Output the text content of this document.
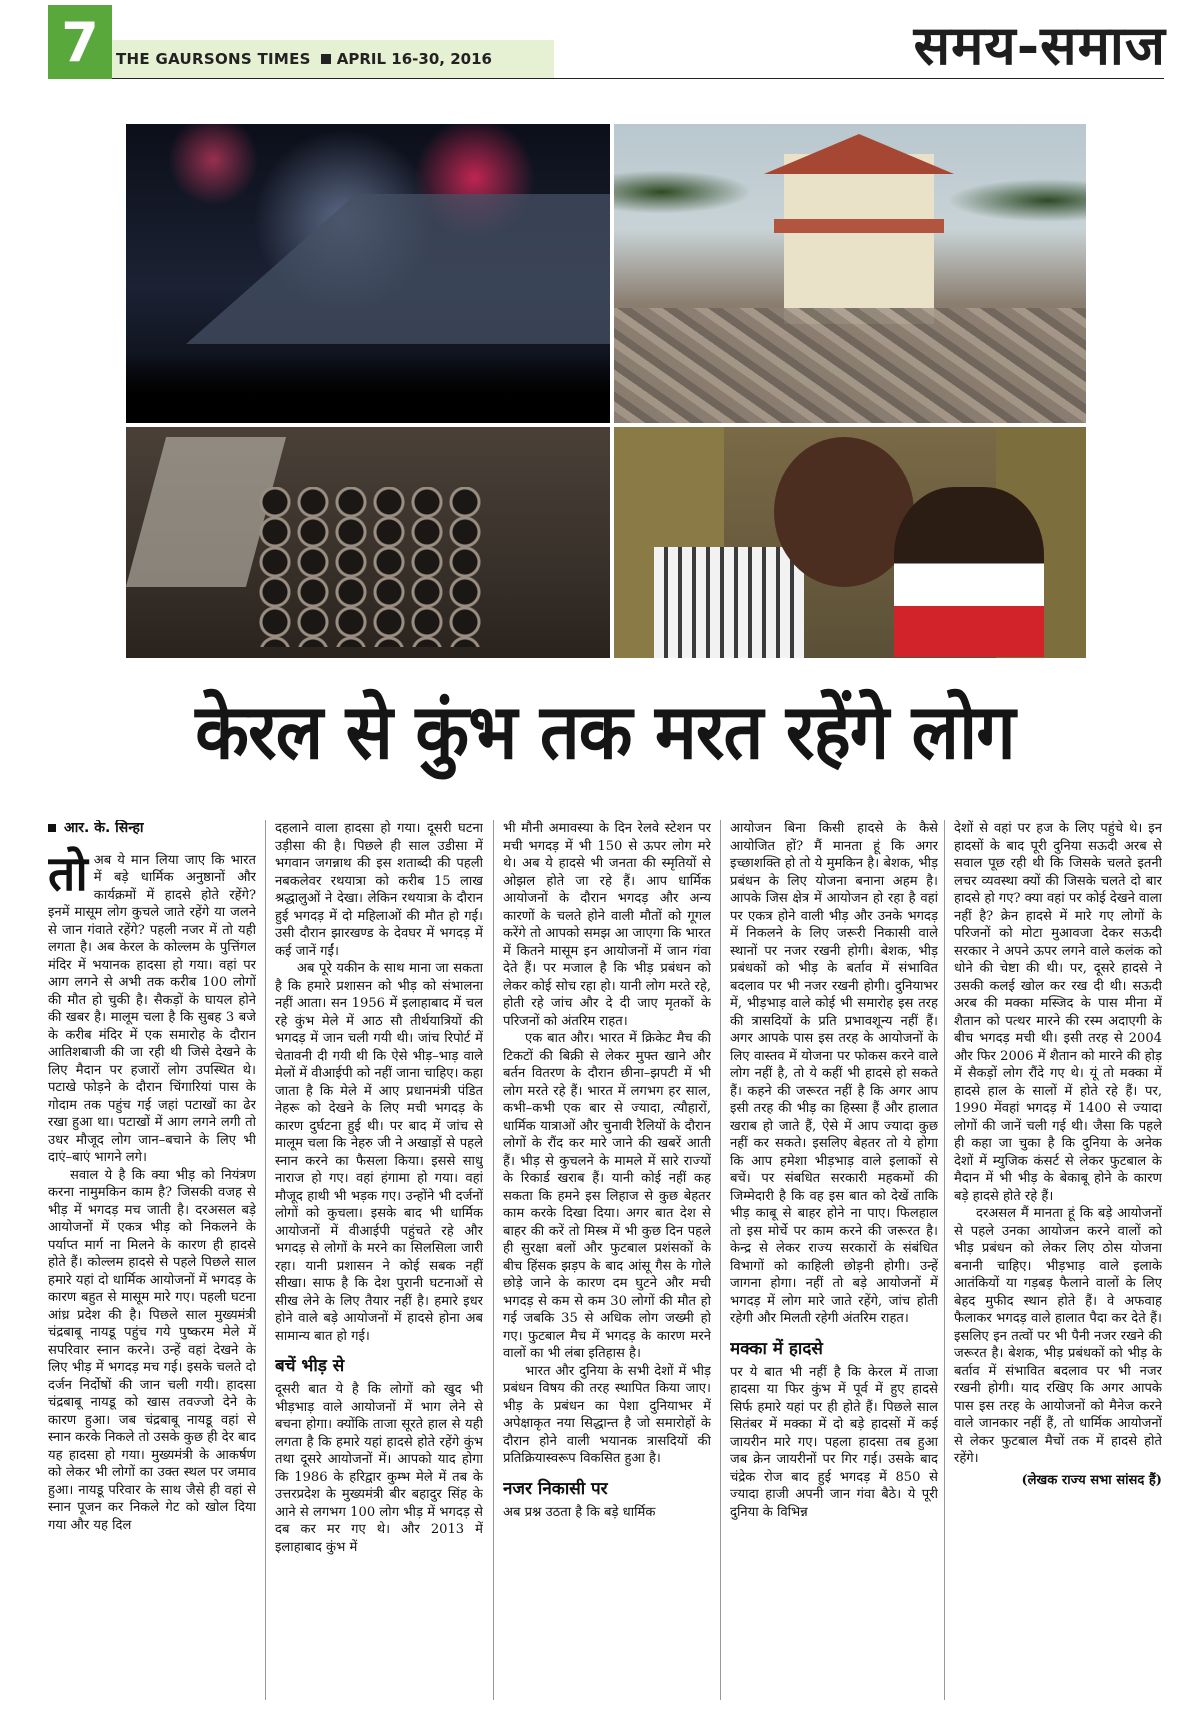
7	THE GAURSONS TIMES APRIL 16-30, 2016	समय-समाज
केरल से कुंभ तक मरत रहेंगे लोग
आर. के. सिन्हा

तोअब ये मान लिया जाए कि भारत में बड़े धार्मिक अनुष्ठानों और कार्यक्रमों में हादसे होते रहेंगे? इनमें मासूम लोग कुचले जाते रहेंगे या जलने से जान गंवाते रहेंगे? पहली नजर में तो यही लगता है। अब केरल के कोल्लम के पुत्तिंगल मंदिर में भयानक हादसा हो गया। वहां पर आग लगने से अभी तक करीब 100 लोगों की मौत हो चुकी है। सैकड़ों के घायल होने की खबर है। मालूम चला है कि सुबह 3 बजे के करीब मंदिर में एक समारोह के दौरान आतिशबाजी की जा रही थी जिसे देखने के लिए मैदान पर हजारों लोग उपस्थित थे। पटाखे फोड़ने के दौरान चिंगारियां पास के गोदाम तक पहुंच गई जहां पटाखों का ढेर रखा हुआ था। पटाखों में आग लगने लगी तो उधर मौजूद लोग जान–बचाने के लिए भी दाएं–बाएं भागने लगे।

सवाल ये है कि क्या भीड़ को नियंत्रण करना नामुमकिन काम है? जिसकी वजह से भीड़ में भगदड़ मच जाती है। दरअसल बड़े आयोजनों में एकत्र भीड़ को निकलने के पर्याप्त मार्ग ना मिलने के कारण ही हादसे होते हैं। कोल्लम हादसे से पहले पिछले साल हमारे यहां दो धार्मिक आयोजनों में भगदड़ के कारण बहुत से मासूम मारे गए। पहली घटना आंध्र प्रदेश की है। पिछले साल मुख्यमंत्री चंद्रबाबू नायडू पहुंच गये पुष्करम मेले में सपरिवार स्नान करने। उन्हें वहां देखने के लिए भीड़ में भगदड़ मच गई। इसके चलते दो दर्जन निर्दोषों की जान चली गयी। हादसा चंद्रबाबू नायडू को खास तवज्जो देने के कारण हुआ। जब चंद्रबाबू नायडू वहां से स्नान करके निकले तो उसके कुछ ही देर बाद यह हादसा हो गया। मुख्यमंत्री के आकर्षण को लेकर भी लोगों का उक्त स्थल पर जमाव हुआ। नायडू परिवार के साथ जैसे ही वहां से स्नान पूजन कर निकले गेट को खोल दिया गया और यह दिल

दहलाने वाला हादसा हो गया। दूसरी घटना उड़ीसा की है। पिछले ही साल उडीसा में भगवान जगन्नाथ की इस शताब्दी की पहली नबकलेवर रथयात्रा को करीब 15 लाख श्रद्धालुओं ने देखा। लेकिन रथयात्रा के दौरान हुई भगदड़ में दो महिलाओं की मौत हो गई। उसी दौरान झारखण्ड के देवघर में भगदड़ में कई जानें गईं।

अब पूरे यकीन के साथ माना जा सकता है कि हमारे प्रशासन को भीड़ को संभालना नहीं आता। सन 1956 में इलाहाबाद में चल रहे कुंभ मेले में आठ सौ तीर्थयात्रियों की भगदड़ में जान चली गयी थी। जांच रिपोर्ट में चेतावनी दी गयी थी कि ऐसे भीड़–भाड़ वाले मेलों में वीआईपी को नहीं जाना चाहिए। कहा जाता है कि मेले में आए प्रधानमंत्री पंडित नेहरू को देखने के लिए मची भगदड़ के कारण दुर्घटना हुई थी। पर बाद में जांच से मालूम चला कि नेहरु जी ने अखाड़ों से पहले स्नान करने का फैसला किया। इससे साधु नाराज हो गए। वहां हंगामा हो गया। वहां मौजूद हाथी भी भड़क गए। उन्होंने भी दर्जनों लोगों को कुचला। इसके बाद भी धार्मिक आयोजनों में वीआईपी पहुंचते रहे और भगदड़ से लोगों के मरने का सिलसिला जारी रहा। यानी प्रशासन ने कोई सबक नहीं सीखा। साफ है कि देश पुरानी घटनाओं से सीख लेने के लिए तैयार नहीं है। हमारे इधर होने वाले बड़े आयोजनों में हादसे होना अब सामान्य बात हो गई।

बचें भीड़ से

दूसरी बात ये है कि लोगों को खुद भी भीड़भाड़ वाले आयोजनों में भाग लेने से बचना होगा। क्योंकि ताजा सूरते हाल से यही लगता है कि हमारे यहां हादसे होते रहेंगे कुंभ तथा दूसरे आयोजनों में। आपको याद होगा कि 1986 के हरिद्वार कुम्भ मेले में तब के उत्तरप्रदेश के मुख्यमंत्री बीर बहादुर सिंह के आने से लगभग 100 लोग भीड़ में भगदड़ से दब कर मर गए थे। और 2013 में इलाहाबाद कुंभ में

भी मौनी अमावस्या के दिन रेलवे स्टेशन पर मची भगदड़ में भी 150 से ऊपर लोग मरे थे। अब ये हादसे भी जनता की स्मृतियों से ओझल होते जा रहे हैं। आप धार्मिक आयोजनों के दौरान भगदड़ और अन्य कारणों के चलते होने वाली मौतों को गूगल करेंगे तो आपको समझ आ जाएगा कि भारत में कितने मासूम इन आयोजनों में जान गंवा देते हैं। पर मजाल है कि भीड़ प्रबंधन को लेकर कोई सोच रहा हो। यानी लोग मरते रहे, होती रहे जांच और दे दी जाए मृतकों के परिजनों को अंतरिम राहत।

एक बात और। भारत में क्रिकेट मैच की टिकटों की बिक्री से लेकर मुफ्त खाने और बर्तन वितरण के दौरान छीना–झपटी में भी लोग मरते रहे हैं। भारत में लगभग हर साल, कभी–कभी एक बार से ज्यादा, त्यौहारों, धार्मिक यात्राओं और चुनावी रैलियों के दौरान लोगों के रौंद कर मारे जाने की खबरें आती हैं। भीड़ से कुचलने के मामले में सारे राज्यों के रिकार्ड खराब हैं। यानी कोई नहीं कह सकता कि हमने इस लिहाज से कुछ बेहतर काम करके दिखा दिया। अगर बात देश से बाहर की करें तो मिस्त्र में भी कुछ दिन पहले ही सुरक्षा बलों और फुटबाल प्रशंसकों के बीच हिंसक झड़प के बाद आंसू गैस के गोले छोड़े जाने के कारण दम घुटने और मची भगदड़ से कम से कम 30 लोगों की मौत हो गई जबकि 35 से अधिक लोग जख्मी हो गए। फुटबाल मैच में भगदड़ के कारण मरने वालों का भी लंबा इतिहास है।

भारत और दुनिया के सभी देशों में भीड़ प्रबंधन विषय की तरह स्थापित किया जाए। भीड़ के प्रबंधन का पेशा दुनियाभर में अपेक्षाकृत नया सिद्धान्त है जो समारोहों के दौरान होने वाली भयानक त्रासदियों की प्रतिक्रियास्वरूप विकसित हुआ है।

नजर निकासी पर

अब प्रश्न उठता है कि बड़े धार्मिक

आयोजन बिना किसी हादसे के कैसे आयोजित हों? मैं मानता हूं कि अगर इच्छाशक्ति हो तो ये मुमकिन है। बेशक, भीड़ प्रबंधन के लिए योजना बनाना अहम है। आपके जिस क्षेत्र में आयोजन हो रहा है वहां पर एकत्र होने वाली भीड़ और उनके भगदड़ में निकलने के लिए जरूरी निकासी वाले स्थानों पर नजर रखनी होगी। बेशक, भीड़ प्रबंधकों को भीड़ के बर्ताव में संभावित बदलाव पर भी नजर रखनी होगी। दुनियाभर में, भीड़भाड़ वाले कोई भी समारोह इस तरह की त्रासदियों के प्रति प्रभावशून्य नहीं हैं। अगर आपके पास इस तरह के आयोजनों के लिए वास्तव में योजना पर फोकस करने वाले लोग नहीं है, तो ये कहीं भी हादसे हो सकते हैं। कहने की जरूरत नहीं है कि अगर आप इसी तरह की भीड़ का हिस्सा हैं और हालात खराब हो जाते हैं, ऐसे में आप ज्यादा कुछ नहीं कर सकते। इसलिए बेहतर तो ये होगा कि आप हमेशा भीड़भाड़ वाले इलाकों से बचें। पर संबधित सरकारी महकमों की जिम्मेदारी है कि वह इस बात को देखें ताकि भीड़ काबू से बाहर होने ना पाए। फिलहाल तो इस मोर्चे पर काम करने की जरूरत है। केन्द्र से लेकर राज्य सरकारों के संबंधित विभागों को काहिली छोड़नी होगी। उन्हें जागना होगा। नहीं तो बड़े आयोजनों में भगदड़ में लोग मारे जाते रहेंगे, जांच होती रहेगी और मिलती रहेगी अंतरिम राहत।

मक्का में हादसे

पर ये बात भी नहीं है कि केरल में ताजा हादसा या फिर कुंभ में पूर्व में हुए हादसे सिर्फ हमारे यहां पर ही होते हैं। पिछले साल सितंबर में मक्का में दो बड़े हादसों में कई जायरीन मारे गए। पहला हादसा तब हुआ जब क्रेन जायरीनों पर गिर गई। उसके बाद चंद्रेक रोज बाद हुई भगदड़ में 850 से ज्यादा हाजी अपनी जान गंवा बैठे। ये पूरी दुनिया के विभिन्न

देशों से वहां पर हज के लिए पहुंचे थे। इन हादसों के बाद पूरी दुनिया सऊदी अरब से सवाल पूछ रही थी कि जिसके चलते इतनी लचर व्यवस्था क्यों की जिसके चलते दो बार हादसे हो गए? क्या वहां पर कोई देखने वाला नहीं है? क्रेन हादसे में मारे गए लोगों के परिजनों को मोटा मुआवजा देकर सऊदी सरकार ने अपने ऊपर लगने वाले कलंक को धोने की चेष्टा की थी। पर, दूसरे हादसे ने उसकी कलई खोल कर रख दी थी। सऊदी अरब की मक्का मस्जिद के पास मीना में शैतान को पत्थर मारने की रस्म अदाएगी के बीच भगदड़ मची थी। इसी तरह से 2004 और फिर 2006 में शैतान को मारने की होड़ में सैकड़ों लोग रौंदे गए थे। यूं तो मक्का में हादसे हाल के सालों में होते रहे हैं। पर, 1990 मेंवहां भगदड़ में 1400 से ज्यादा लोगों की जानें चली गई थी। जैसा कि पहले ही कहा जा चुका है कि दुनिया के अनेक देशों में म्युजिक कंसर्ट से लेकर फुटबाल के मैदान में भी भीड़ के बेकाबू होने के कारण बड़े हादसे होते रहे हैं।

दरअसल मैं मानता हूं कि बड़े आयोजनों से पहले उनका आयोजन करने वालों को भीड़ प्रबंधन को लेकर लिए ठोस योजना बनानी चाहिए। भीड़भाड़ वाले इलाके आतंकियों या गड़बड़ फैलाने वालों के लिए बेहद मुफीद स्थान होते हैं। वे अफवाह फैलाकर भगदड़ वाले हालात पैदा कर देते हैं। इसलिए इन तत्वों पर भी पैनी नजर रखने की जरूरत है। बेशक, भीड़ प्रबंधकों को भीड़ के बर्ताव में संभावित बदलाव पर भी नजर रखनी होगी। याद रखिए कि अगर आपके पास इस तरह के आयोजनों को मैनेज करने वाले जानकार नहीं हैं, तो धार्मिक आयोजनों से लेकर फुटबाल मैचों तक में हादसे होते रहेंगे।

(लेखक राज्य सभा सांसद हैं)
